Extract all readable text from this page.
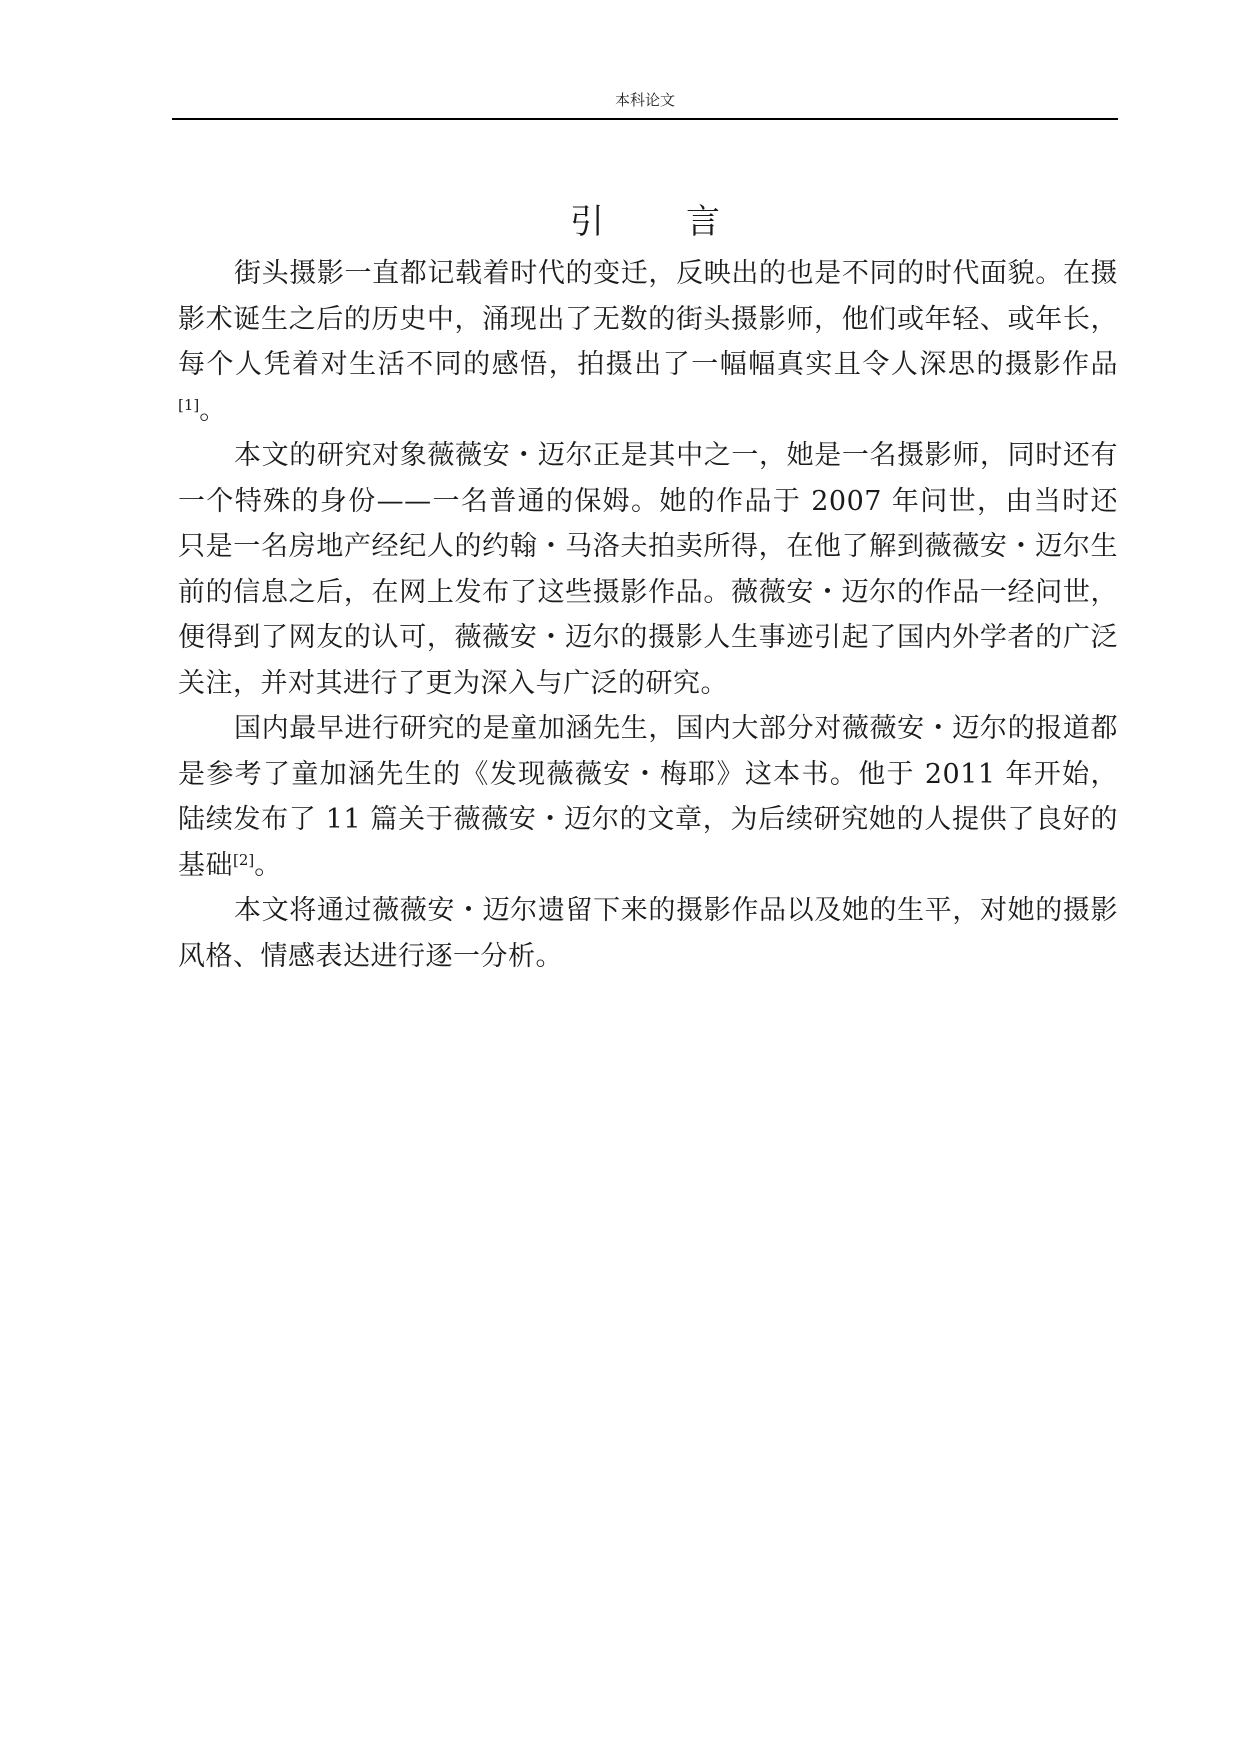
本科论文
引 言

街头摄影一直都记载着时代的变迁，反映出的也是不同的时代面貌。在摄影术诞生之后的历史中，涌现出了无数的街头摄影师，他们或年轻、或年长，每个人凭着对生活不同的感悟，拍摄出了一幅幅真实且令人深思的摄影作品[1]。

本文的研究对象薇薇安・迈尔正是其中之一，她是一名摄影师，同时还有一个特殊的身份——一名普通的保姆。她的作品于 2007 年问世，由当时还只是一名房地产经纪人的约翰・马洛夫拍卖所得，在他了解到薇薇安・迈尔生前的信息之后，在网上发布了这些摄影作品。薇薇安・迈尔的作品一经问世，便得到了网友的认可，薇薇安・迈尔的摄影人生事迹引起了国内外学者的广泛关注，并对其进行了更为深入与广泛的研究。

国内最早进行研究的是童加涵先生，国内大部分对薇薇安・迈尔的报道都是参考了童加涵先生的《发现薇薇安・梅耶》这本书。他于 2011 年开始，陆续发布了 11 篇关于薇薇安・迈尔的文章，为后续研究她的人提供了良好的基础[2]。

本文将通过薇薇安・迈尔遗留下来的摄影作品以及她的生平，对她的摄影风格、情感表达进行逐一分析。
